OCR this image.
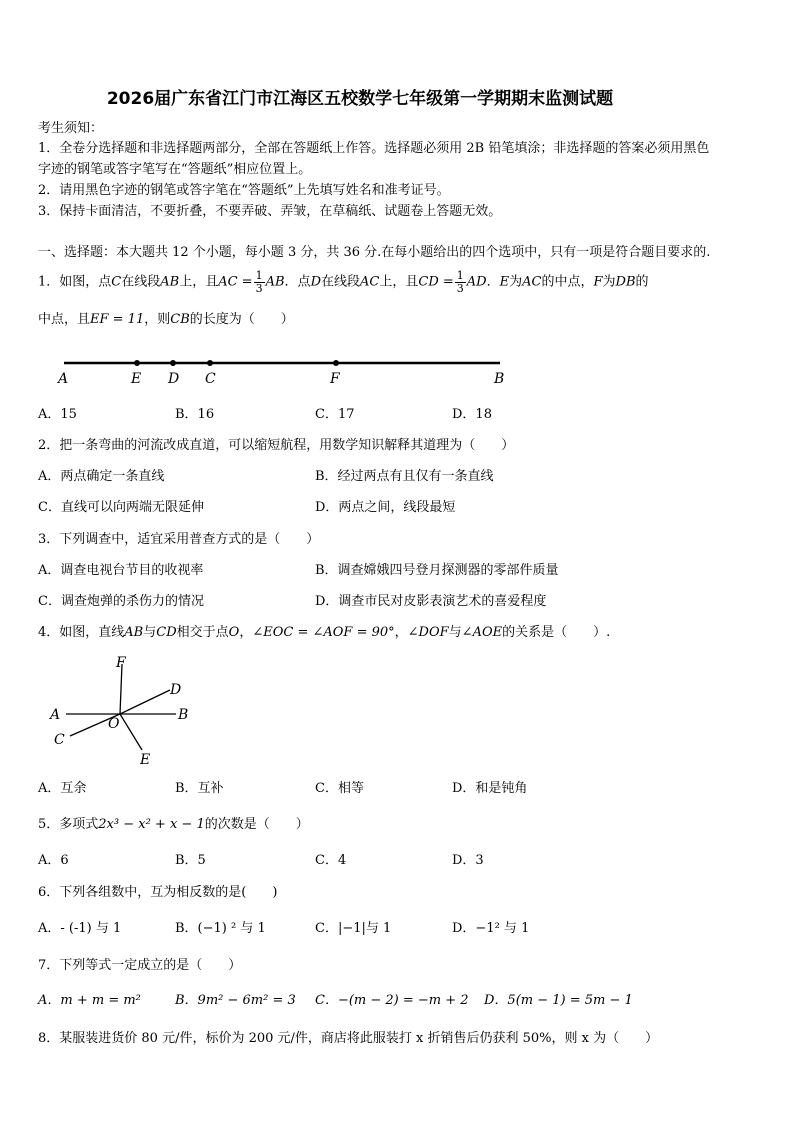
2026届广东省江门市江海区五校数学七年级第一学期期末监测试题
考生须知：
1．全卷分选择题和非选择题两部分，全部在答题纸上作答。选择题必须用 2B 铅笔填涂；非选择题的答案必须用黑色
字迹的钢笔或答字笔写在“答题纸”相应位置上。
2．请用黑色字迹的钢笔或答字笔在“答题纸”上先填写姓名和准考证号。
3．保持卡面清洁，不要折叠，不要弄破、弄皱，在草稿纸、试题卷上答题无效。
一、选择题：本大题共 12 个小题，每小题 3 分，共 36 分.在每小题给出的四个选项中，只有一项是符合题目要求的.
1．如图，点C在线段AB上，且AC = $\frac{1}{3}$ AB．点D在线段AC上，且CD = $\frac{1}{3}$ AD．E为AC的中点，F为DB的
中点，且EF = 11，则CB的长度为（　　）
A	E D C	F	B
A．15	B．16	C．17	D．18
2．把一条弯曲的河流改成直道，可以缩短航程，用数学知识解释其道理为（　　）
A．两点确定一条直线	B．经过两点有且仅有一条直线
C．直线可以向两端无限延伸	D．两点之间，线段最短
3．下列调查中，适宜采用普查方式的是（　　）
A．调查电视台节目的收视率	B．调查嫦娥四号登月探测器的零部件质量
C．调查炮弹的杀伤力的情况	D．调查市民对皮影表演艺术的喜爱程度
4．如图，直线AB与CD相交于点O，∠EOC = ∠AOF = 90°，∠DOF与∠AOE的关系是（　　）.
F
D
A
O
B
C
E
A．互余	B．互补	C．相等	D．和是钝角
5．多项式2x³ − x² + x − 1的次数是（　　）
A．6	B．5	C．4	D．3
6．下列各组数中，互为相反数的是(　　)
A．- (-1) 与 1	B．(−1) ² 与 1	C．|−1|与 1	D．−1² 与 1
7．下列等式一定成立的是（　　）
A．m + m = m²	B．9m² − 6m² = 3 C．−(m − 2) = −m + 2 D．5(m − 1) = 5m − 1
8．某服装进货价 80 元/件，标价为 200 元/件，商店将此服装打 x 折销售后仍获利 50%，则 x 为（　　）
